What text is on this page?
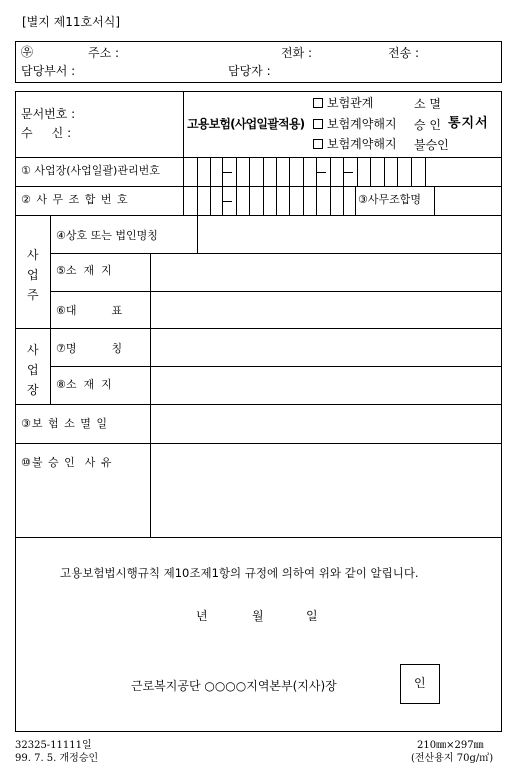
[별지 제11호서식]
㉾	주소 :	전화 :	전송 :
담당부서 :	담당자 :
문서번호 :
수     신 :
고용보험(사업일괄적용)
보험관계
보험계약해지
보험계약해지
소 멸
승 인
불승인
통지서
① 사업장(사업일괄)관리번호
② 사 무 조 합 번 호	③사무조합명
사
업
주
④상호 또는 법인명칭
⑤소  재  지
⑥대          표
사
업
장
⑦명          칭
⑧소  재  지
③보 험 소 멸 일
⑩불 승 인  사 유
고용보험법시행규칙 제10조제1항의 규정에 의하여 위와 같이 알립니다.
년	월	일
근로복지공단 ○○○○지역본부(지사)장	인
32325-11111일
99. 7. 5. 개정승인
210㎜×297㎜
(전산용지 70g/㎡)
